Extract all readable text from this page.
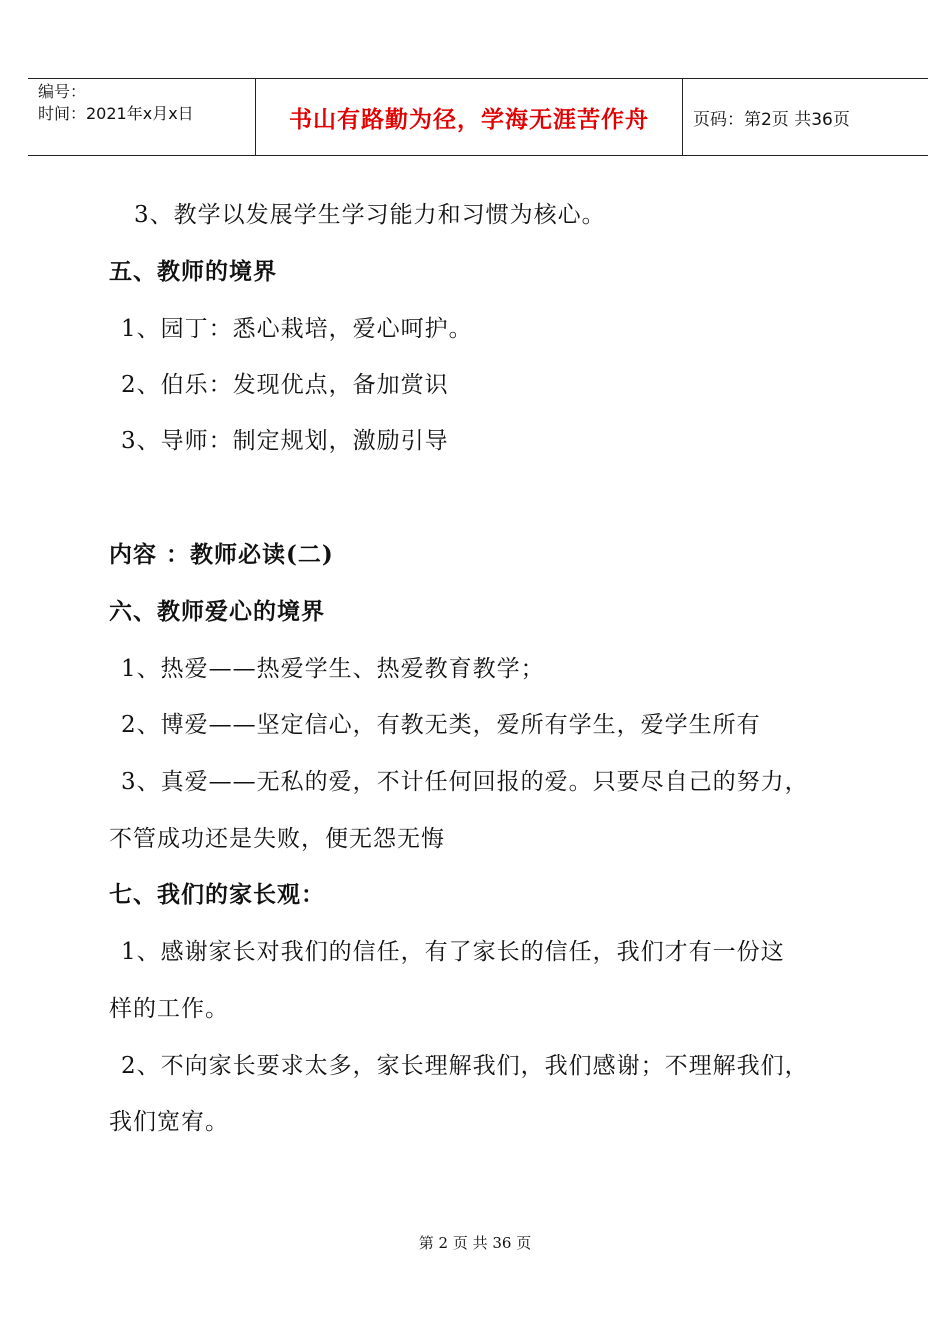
编号：
时间：2021年x月x日	书山有路勤为径，学海无涯苦作舟	页码：第2页 共36页
3、教学以发展学生学习能力和习惯为核心。
五、教师的境界
1、园丁：悉心栽培，爱心呵护。
2、伯乐：发现优点，备加赏识
3、导师：制定规划，激励引导
内容 ：教师必读(二)
六、教师爱心的境界
1、热爱——热爱学生、热爱教育教学；
2、博爱——坚定信心，有教无类，爱所有学生，爱学生所有
3、真爱——无私的爱，不计任何回报的爱。只要尽自己的努力，
不管成功还是失败，便无怨无悔
七、我们的家长观：
1、感谢家长对我们的信任，有了家长的信任，我们才有一份这
样的工作。
2、不向家长要求太多，家长理解我们，我们感谢；不理解我们，
我们宽宥。
第 2 页 共 36 页
